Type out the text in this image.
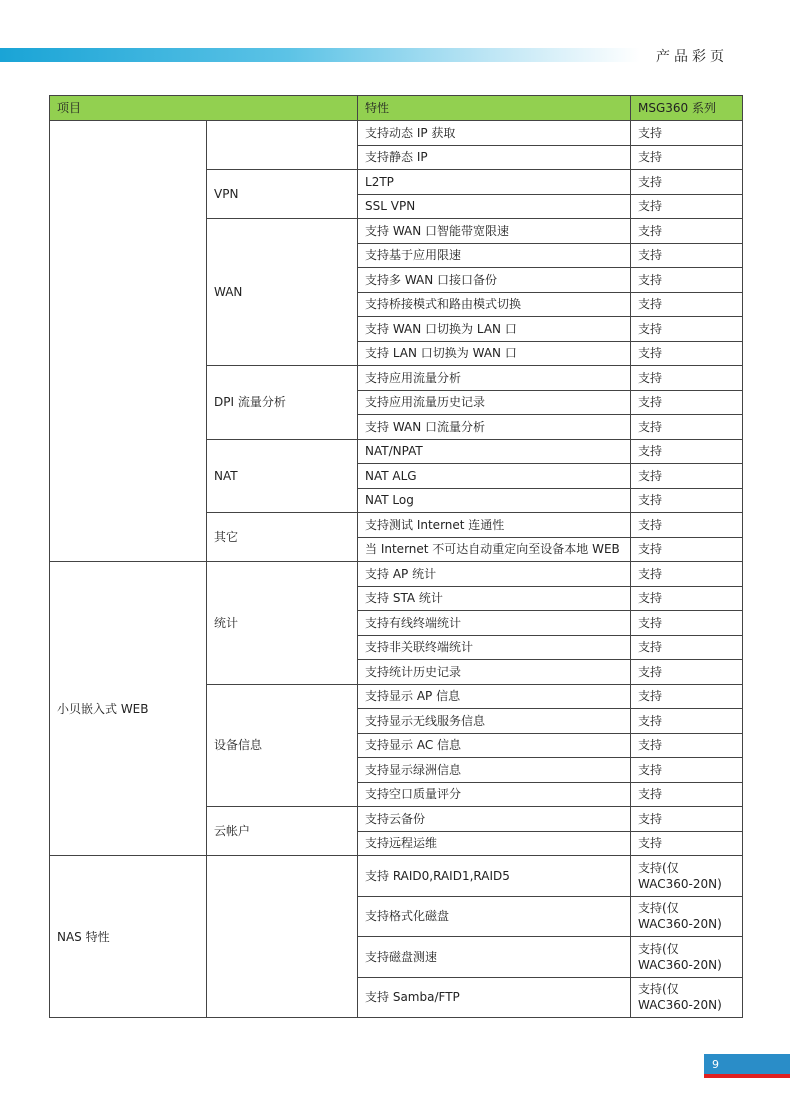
产品彩页
项目		特性	MSG360 系列
		支持动态 IP 获取	支持
		支持静态 IP	支持
	VPN	L2TP	支持
		SSL VPN	支持
	WAN	支持 WAN 口智能带宽限速	支持
		支持基于应用限速	支持
		支持多 WAN 口接口备份	支持
		支持桥接模式和路由模式切换	支持
		支持 WAN 口切换为 LAN 口	支持
		支持 LAN 口切换为 WAN 口	支持
	DPI 流量分析	支持应用流量分析	支持
		支持应用流量历史记录	支持
		支持 WAN 口流量分析	支持
	NAT	NAT/NPAT	支持
		NAT ALG	支持
		NAT Log	支持
	其它	支持测试 Internet 连通性	支持
		当 Internet 不可达自动重定向至设备本地 WEB	支持
小贝嵌入式 WEB	统计	支持 AP 统计	支持
		支持 STA 统计	支持
		支持有线终端统计	支持
		支持非关联终端统计	支持
		支持统计历史记录	支持
	设备信息	支持显示 AP 信息	支持
		支持显示无线服务信息	支持
		支持显示 AC 信息	支持
		支持显示绿洲信息	支持
		支持空口质量评分	支持
	云帐户	支持云备份	支持
		支持远程运维	支持
NAS 特性		支持 RAID0,RAID1,RAID5	支持(仅 WAC360-20N)
		支持格式化磁盘	支持(仅 WAC360-20N)
		支持磁盘测速	支持(仅 WAC360-20N)
		支持 Samba/FTP	支持(仅 WAC360-20N)
9
